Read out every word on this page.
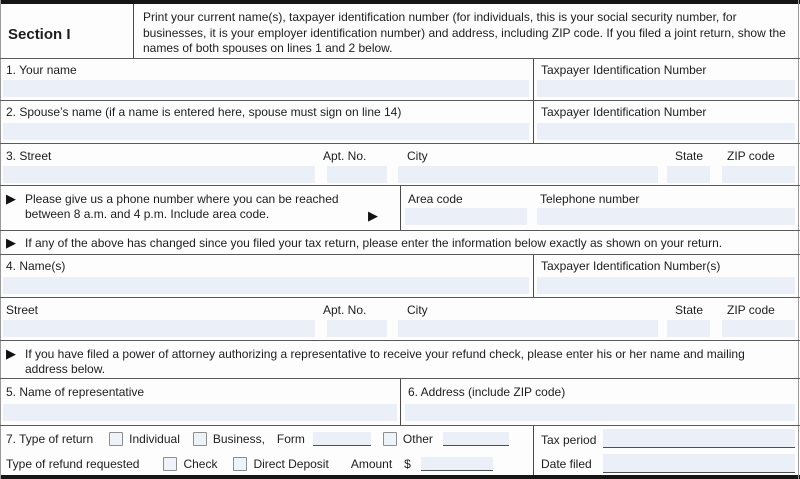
Section I
Print your current name(s), taxpayer identification number (for individuals, this is your social security number, for businesses, it is your employer identification number) and address, including ZIP code. If you filed a joint return, show the names of both spouses on lines 1 and 2 below.
1. Your name	Taxpayer Identification Number
2. Spouse’s name (if a name is entered here, spouse must sign on line 14)	Taxpayer Identification Number
3. Street	Apt. No.	City	State ZIP code
▶ Please give us a phone number where you can be reached between 8 a.m. and 4 p.m. Include area code.	▶
Area code	Telephone number
▶ If any of the above has changed since you filed your tax return, please enter the information below exactly as shown on your return.
4. Name(s)	Taxpayer Identification Number(s)
Street	Apt. No.	City	State ZIP code
▶ If you have filed a power of attorney authorizing a representative to receive your refund check, please enter his or her name and mailing address below.
5. Name of representative	6. Address (include ZIP code)
7. Type of return	Individual	Business, Form	Other
Type of refund requested	Check	Direct Deposit Amount $
Tax period
Date filed
